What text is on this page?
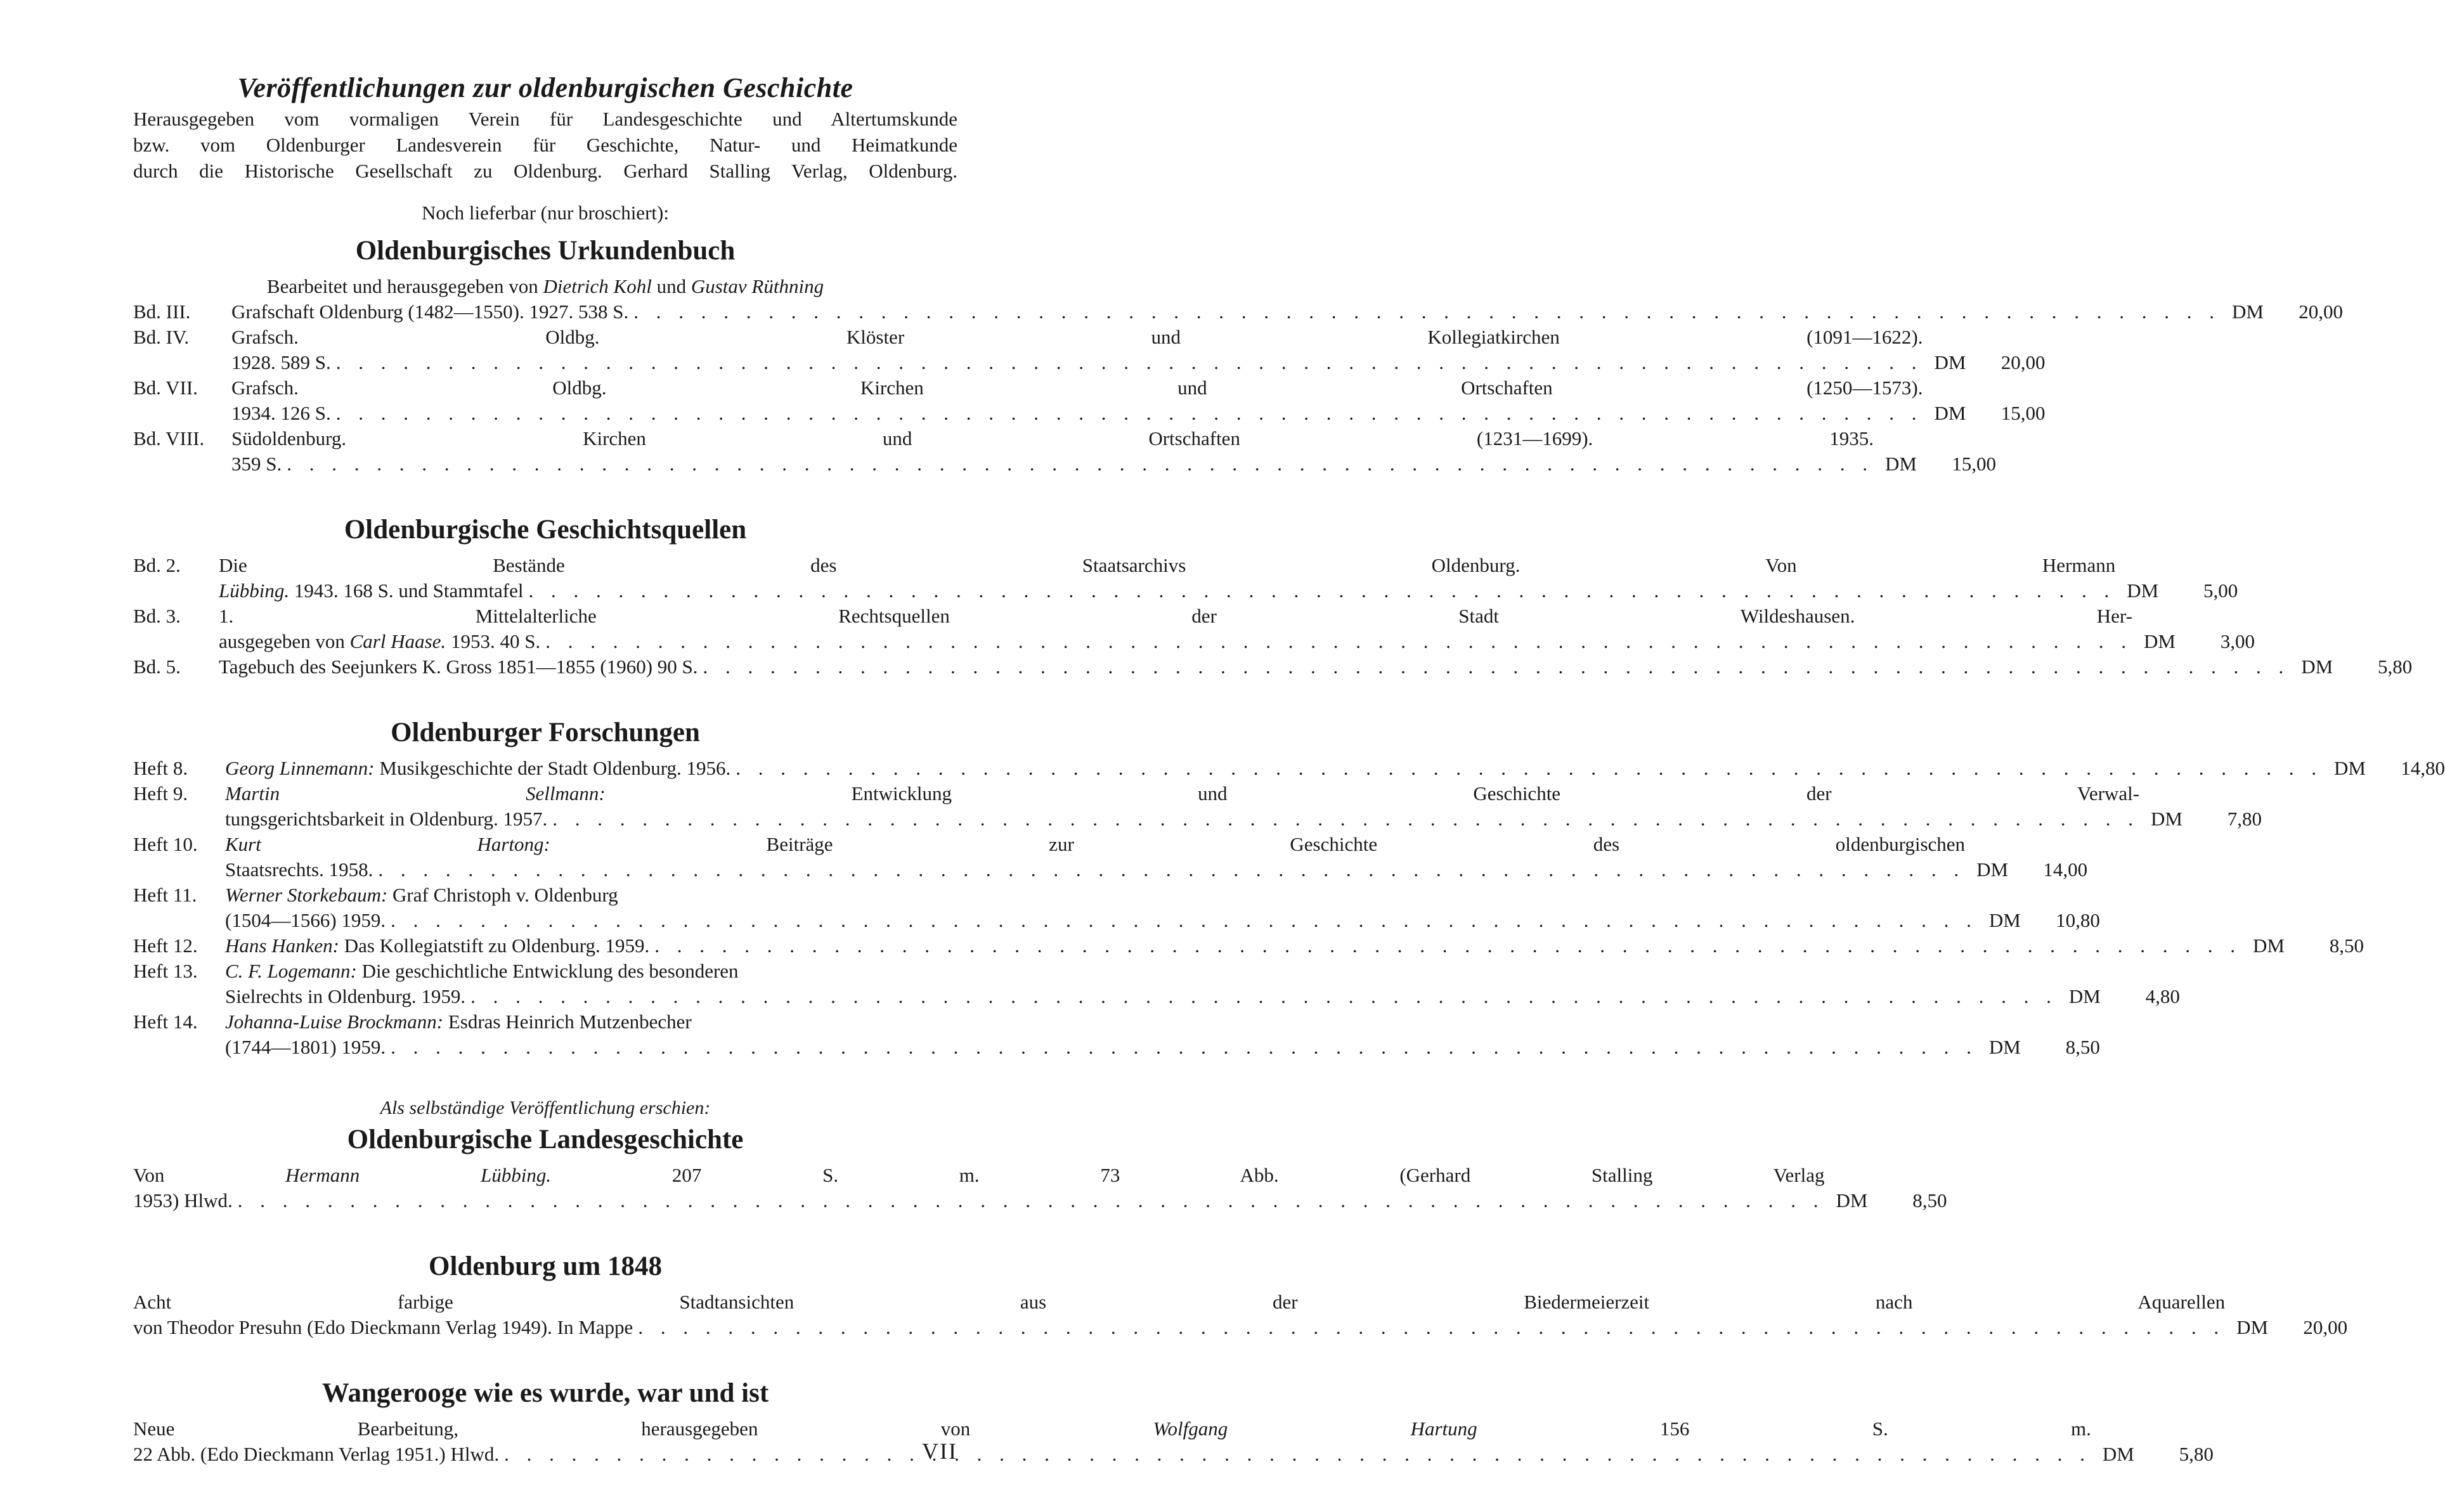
Veröffentlichungen zur oldenburgischen Geschichte
Herausgegeben vom vormaligen Verein für Landesgeschichte und Altertumskunde
bzw. vom Oldenburger Landesverein für Geschichte, Natur- und Heimatkunde
durch die Historische Gesellschaft zu Oldenburg. Gerhard Stalling Verlag, Oldenburg.

Noch lieferbar (nur broschiert):

Oldenburgisches Urkundenbuch

Bearbeitet und herausgegeben von Dietrich Kohl und Gustav Rüthning

Bd. III.	Grafschaft Oldenburg (1482—1550). 1927. 538 S. . . .	DM 20,00
Bd. IV.	Grafsch. Oldbg. Klöster und Kollegiatkirchen (1091—1622).
1928. 589 S. . . .	DM 20,00
Bd. VII.	Grafsch. Oldbg. Kirchen und Ortschaften (1250—1573).
1934. 126 S. . . .	DM 15,00
Bd. VIII.	Südoldenburg. Kirchen und Ortschaften (1231—1699). 1935.
359 S. . . .	DM 15,00
Oldenburgische Geschichtsquellen
Bd. 2.	Die Bestände des Staatsarchivs Oldenburg. Von Hermann
Lübbing. 1943. 168 S. und Stammtafel . . .	DM 5,00
Bd. 3.	1. Mittelalterliche Rechtsquellen der Stadt Wildeshausen. Her-
ausgegeben von Carl Haase. 1953. 40 S. . . .	DM 3,00
Bd. 5.	Tagebuch des Seejunkers K. Gross 1851—1855 (1960) 90 S. . . .	DM 5,80
Oldenburger Forschungen
Heft 8.	Georg Linnemann: Musikgeschichte der Stadt Oldenburg. 1956. . . .	DM 14,80
Heft 9.	Martin Sellmann: Entwicklung und Geschichte der Verwal-
tungsgerichtsbarkeit in Oldenburg. 1957. . . .	DM 7,80
Heft 10.	Kurt Hartong: Beiträge zur Geschichte des oldenburgischen
Staatsrechts. 1958. . . .	DM 14,00
Heft 11.	Werner Storkebaum: Graf Christoph v. Oldenburg
(1504—1566) 1959. . . .	DM 10,80
Heft 12.	Hans Hanken: Das Kollegiatstift zu Oldenburg. 1959. . . .	DM 8,50
Heft 13.	C. F. Logemann: Die geschichtliche Entwicklung des besonderen
Sielrechts in Oldenburg. 1959. . . .	DM 4,80
Heft 14.	Johanna-Luise Brockmann: Esdras Heinrich Mutzenbecher
(1744—1801) 1959. . . .	DM 8,50

Als selbständige Veröffentlichung erschien:

Oldenburgische Landesgeschichte
Von Hermann Lübbing. 207 S. m. 73 Abb. (Gerhard Stalling Verlag
1953) Hlwd. . . .	DM 8,50
Oldenburg um 1848
Acht farbige Stadtansichten aus der Biedermeierzeit nach Aquarellen
von Theodor Presuhn (Edo Dieckmann Verlag 1949). In Mappe . . .	DM 20,00
Wangerooge wie es wurde, war und ist
Neue Bearbeitung, herausgegeben von Wolfgang Hartung 156 S. m.
22 Abb. (Edo Dieckmann Verlag 1951.) Hlwd. . . .	DM 5,80
VII
